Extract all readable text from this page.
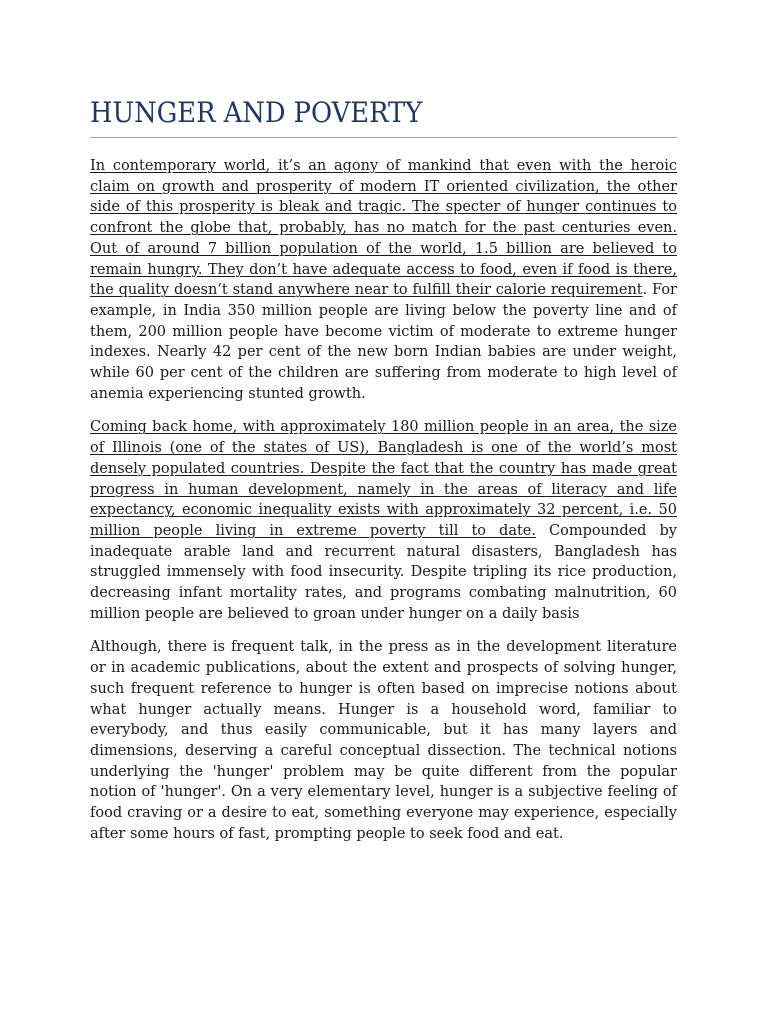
HUNGER AND POVERTY

In contemporary world, it’s an agony of mankind that even with the heroic claim on growth and prosperity of modern IT oriented civilization, the other side of this prosperity is bleak and tragic. The specter of hunger continues to confront the globe that, probably, has no match for the past centuries even. Out of around 7 billion population of the world, 1.5 billion are believed to remain hungry. They don’t have adequate access to food, even if food is there, the quality doesn’t stand anywhere near to fulfill their calorie requirement. For example, in India 350 million people are living below the poverty line and of them, 200 million people have become victim of moderate to extreme hunger indexes. Nearly 42 per cent of the new born Indian babies are under weight, while 60 per cent of the children are suffering from moderate to high level of anemia experiencing stunted growth.

Coming back home, with approximately 180 million people in an area, the size of Illinois (one of the states of US), Bangladesh is one of the world’s most densely populated countries. Despite the fact that the country has made great progress in human development, namely in the areas of literacy and life expectancy, economic inequality exists with approximately 32 percent, i.e. 50 million people living in extreme poverty till to date. Compounded by inadequate arable land and recurrent natural disasters, Bangladesh has struggled immensely with food insecurity. Despite tripling its rice production, decreasing infant mortality rates, and programs combating malnutrition, 60 million people are believed to groan under hunger on a daily basis

Although, there is frequent talk, in the press as in the development literature or in academic publications, about the extent and prospects of solving hunger, such frequent reference to hunger is often based on imprecise notions about what hunger actually means. Hunger is a household word, familiar to everybody, and thus easily communicable, but it has many layers and dimensions, deserving a careful conceptual dissection. The technical notions underlying the 'hunger' problem may be quite different from the popular notion of 'hunger'. On a very elementary level, hunger is a subjective feeling of food craving or a desire to eat, something everyone may experience, especially after some hours of fast, prompting people to seek food and eat.
